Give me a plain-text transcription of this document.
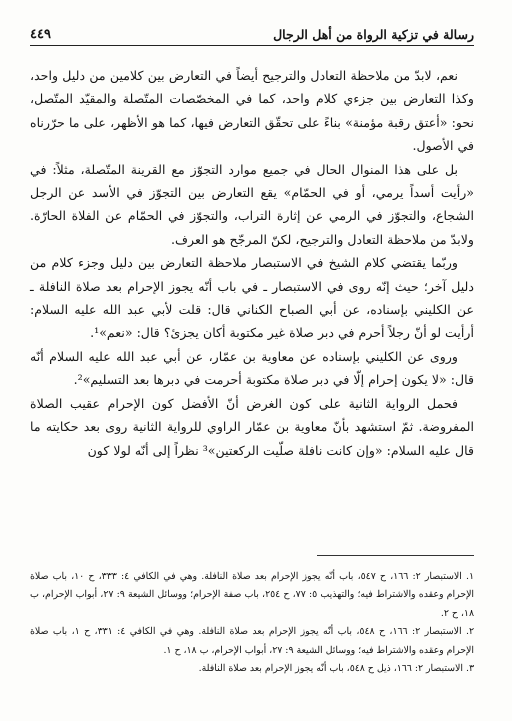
رسالة في تزكية الرواة من أهل الرجال
٤٤٩

نعم، لابدّ من ملاحظة التعادل والترجيح أيضاً في التعارض بين كلامين من دليل واحد، وكذا التعارض بين جزءي كلام واحد، كما في المخصّصات المتّصلة والمقيّد المتّصل، نحو: «أعتق رقبة مؤمنة» بناءً على تحقّق التعارض فيها، كما هو الأظهر، على ما حرّرناه في الأصول.

بل على هذا المنوال الحال في جميع موارد التجوّز مع القرينة المتّصلة، مثلاً: في «رأيت أسداً يرمي، أو في الحمّام» يقع التعارض بين التجوّز في الأسد عن الرجل الشجاع، والتجوّز في الرمي عن إثارة التراب، والتجوّز في الحمّام عن الفلاة الحارّة. ولابدّ من ملاحظة التعادل والترجيح، لكنّ المرجّح هو العرف.

وربّما يقتضي كلام الشيخ في الاستبصار ملاحظة التعارض بين دليل وجزء كلام من دليل آخر؛ حيث إنّه روى في الاستبصار ـ في باب أنّه يجوز الإحرام بعد صلاة النافلة ـ عن الكليني بإسناده، عن أبي الصباح الكناني قال: قلت لأبي عبد الله عليه السلام: أرأيت لو أنّ رجلاً أحرم في دبر صلاة غير مكتوبة أكان يجزئ؟ قال: «نعم»¹.

وروى عن الكليني بإسناده عن معاوية بن عمّار، عن أبي عبد الله عليه السلام أنّه قال: «لا يكون إحرام إلّا في دبر صلاة مكتوبة أحرمت في دبرها بعد التسليم»².

فحمل الرواية الثانية على كون الغرض أنّ الأفضل كون الإحرام عقيب الصلاة المفروضة. ثمّ استشهد بأنّ معاوية بن عمّار الراوي للرواية الثانية روى بعد حكايته ما قال عليه السلام: «وإن كانت نافلة صلّيت الركعتين»³ نظراً إلى أنّه لولا كون

١. الاستبصار ٢: ١٦٦، ح ٥٤٧، باب أنّه يجوز الإحرام بعد صلاة النافلة. وهي في الكافي ٤: ٣٣٣، ح ١٠، باب صلاة الإحرام وعقده والاشتراط فيه؛ والتهذيب ٥: ٧٧، ح ٢٥٤، باب صفة الإحرام؛ ووسائل الشيعة ٩: ٢٧، أبواب الإحرام، ب ١٨، ح ٢.

٢. الاستبصار ٢: ١٦٦، ح ٥٤٨، باب أنّه يجوز الإحرام بعد صلاة النافلة. وهي في الكافي ٤: ٣٣١، ح ١، باب صلاة الإحرام وعقده والاشتراط فيه؛ ووسائل الشيعة ٩: ٢٧، أبواب الإحرام، ب ١٨، ح ١.

٣. الاستبصار ٢: ١٦٦، ذيل ح ٥٤٨، باب أنّه يجوز الإحرام بعد صلاة النافلة.
